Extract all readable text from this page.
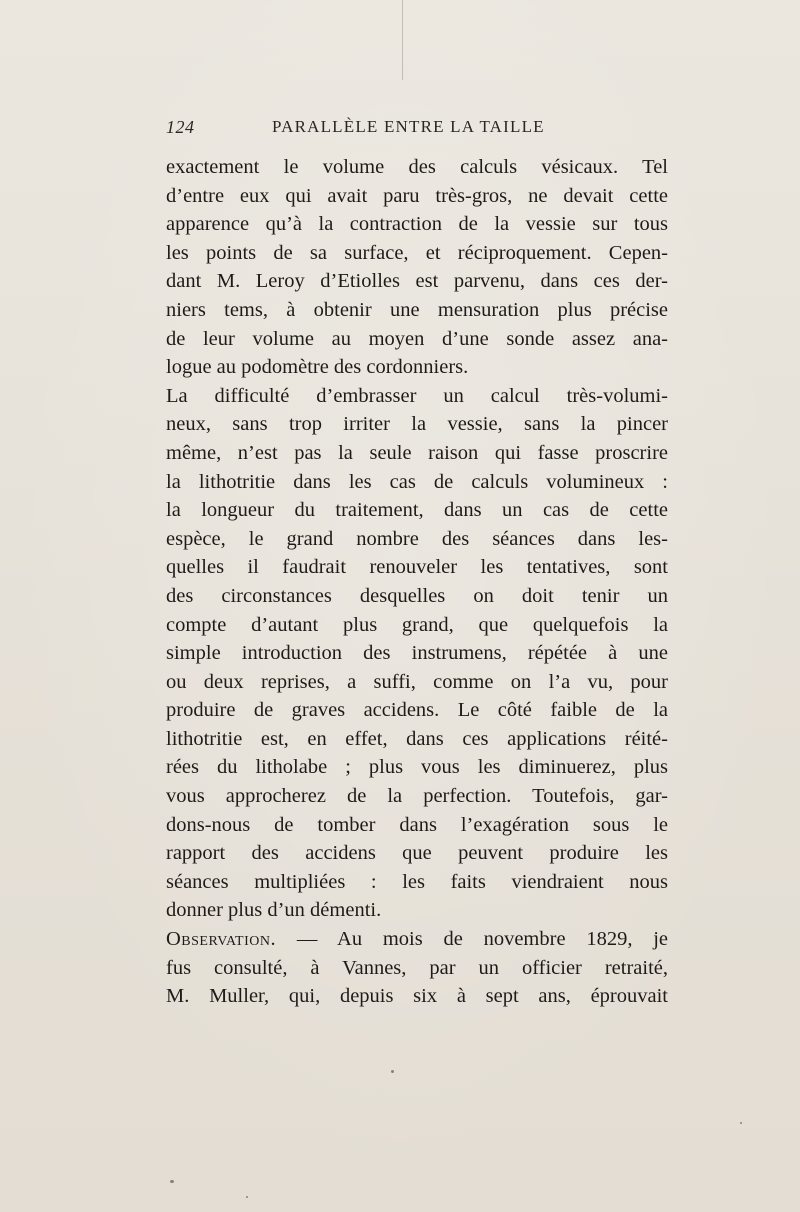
124	PARALLÈLE ENTRE LA TAILLE
exactement le volume des calculs vésicaux. Tel
d’entre eux qui avait paru très-gros, ne devait cette
apparence qu’à la contraction de la vessie sur tous
les points de sa surface, et réciproquement. Cepen-
dant M. Leroy d’Etiolles est parvenu, dans ces der-
niers tems, à obtenir une mensuration plus précise
de leur volume au moyen d’une sonde assez ana-
logue au podomètre des cordonniers.
La difficulté d’embrasser un calcul très-volumi-
neux, sans trop irriter la vessie, sans la pincer
même, n’est pas la seule raison qui fasse proscrire
la lithotritie dans les cas de calculs volumineux :
la longueur du traitement, dans un cas de cette
espèce, le grand nombre des séances dans les-
quelles il faudrait renouveler les tentatives, sont
des circonstances desquelles on doit tenir un
compte d’autant plus grand, que quelquefois la
simple introduction des instrumens, répétée à une
ou deux reprises, a suffi, comme on l’a vu, pour
produire de graves accidens. Le côté faible de la
lithotritie est, en effet, dans ces applications réité-
rées du litholabe ; plus vous les diminuerez, plus
vous approcherez de la perfection. Toutefois, gar-
dons-nous de tomber dans l’exagération sous le
rapport des accidens que peuvent produire les
séances multipliées : les faits viendraient nous
donner plus d’un démenti.
Observation. — Au mois de novembre 1829, je
fus consulté, à Vannes, par un officier retraité,
M. Muller, qui, depuis six à sept ans, éprouvait
